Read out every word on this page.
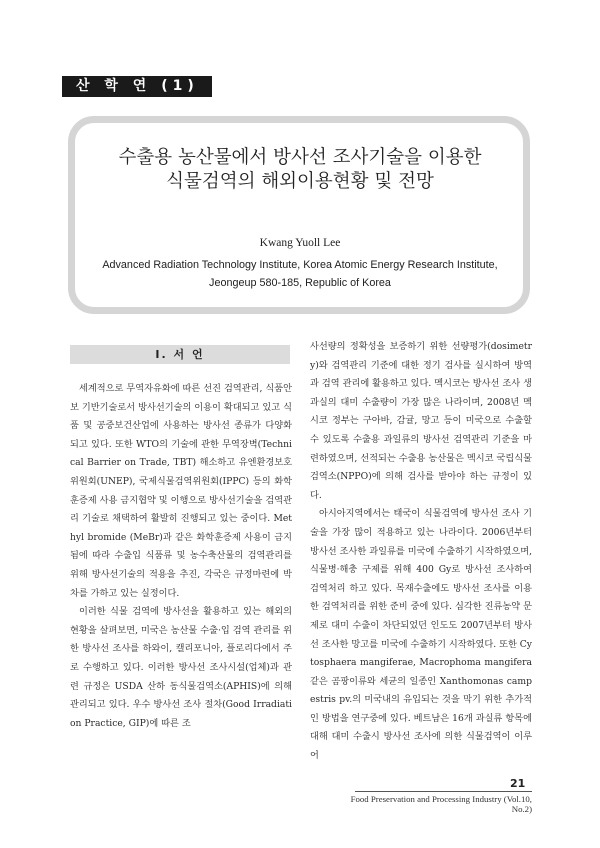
산 학 연 (1)
수출용 농산물에서 방사선 조사기술을 이용한
식물검역의 해외이용현황 및 전망
Kwang Yuoll Lee
Advanced Radiation Technology Institute, Korea Atomic Energy Research Institute,
Jeongeup 580-185, Republic of Korea
Ⅰ. 서 언

세계적으로 무역자유화에 따른 선진 검역관리, 식품안보 기반기술로서 방사선기술의 이용이 확대되고 있고 식품 및 공중보건산업에 사용하는 방사선 종류가 다양화 되고 있다. 또한 WTO의 기술에 관한 무역장벽(Technical Barrier on Trade, TBT) 해소하고 유엔환경보호위원회(UNEP), 국제식물검역위원회(IPPC) 등의 화학 훈증제 사용 금지협약 및 이행으로 방사선기술을 검역관리 기술로 채택하여 활발히 진행되고 있는 중이다. Methyl bromide (MeBr)과 같은 화학훈증제 사용이 금지됨에 따라 수출입 식품류 및 농수축산물의 검역관리를 위해 방사선기술의 적용을 추진, 각국은 규정마련에 박차를 가하고 있는 실정이다.

이러한 식물 검역에 방사선을 활용하고 있는 해외의 현황을 살펴보면, 미국은 농산물 수출·입 검역 관리를 위한 방사선 조사를 하와이, 캘리포니아, 플로리다에서 주로 수행하고 있다. 이러한 방사선 조사시설(업체)과 관련 규정은 USDA 산하 동식물검역소(APHIS)에 의해 관리되고 있다. 우수 방사선 조사 절차(Good Irradiation Practice, GIP)에 따른 조

사선량의 정확성을 보증하기 위한 선량평가(dosimetry)와 검역관리 기준에 대한 정기 검사를 실시하여 방역과 검역 관리에 활용하고 있다. 멕시코는 방사선 조사 생과실의 대미 수출량이 가장 많은 나라이며, 2008년 멕시코 정부는 구아바, 감귤, 망고 등이 미국으로 수출할 수 있도록 수출용 과일류의 방사선 검역관리 기준을 마련하였으며, 선적되는 수출용 농산물은 멕시코 국립식물검역소(NPPO)에 의해 검사를 받아야 하는 규정이 있다.

아시아지역에서는 태국이 식물검역에 방사선 조사 기술을 가장 많이 적용하고 있는 나라이다. 2006년부터 방사선 조사한 과일류를 미국에 수출하기 시작하였으며, 식물병·해충 구제를 위해 400 Gy로 방사선 조사하여 검역처리 하고 있다. 목재수출에도 방사선 조사를 이용한 검역처리를 위한 준비 중에 있다. 심각한 진류농약 문제로 대미 수출이 차단되었던 인도도 2007년부터 방사선 조사한 망고를 미국에 수출하기 시작하였다. 또한 Cytosphaera mangiferae, Macrophoma mangifera 같은 곰팡이류와 세균의 일종인 Xanthomonas campestris pv.의 미국내의 유입되는 것을 막기 위한 추가적인 방법을 연구중에 있다. 베트남은 16개 과실류 항목에 대해 대미 수출시 방사선 조사에 의한 식물검역이 이루어

21
Food Preservation and Processing Industry (Vol.10, No.2)
